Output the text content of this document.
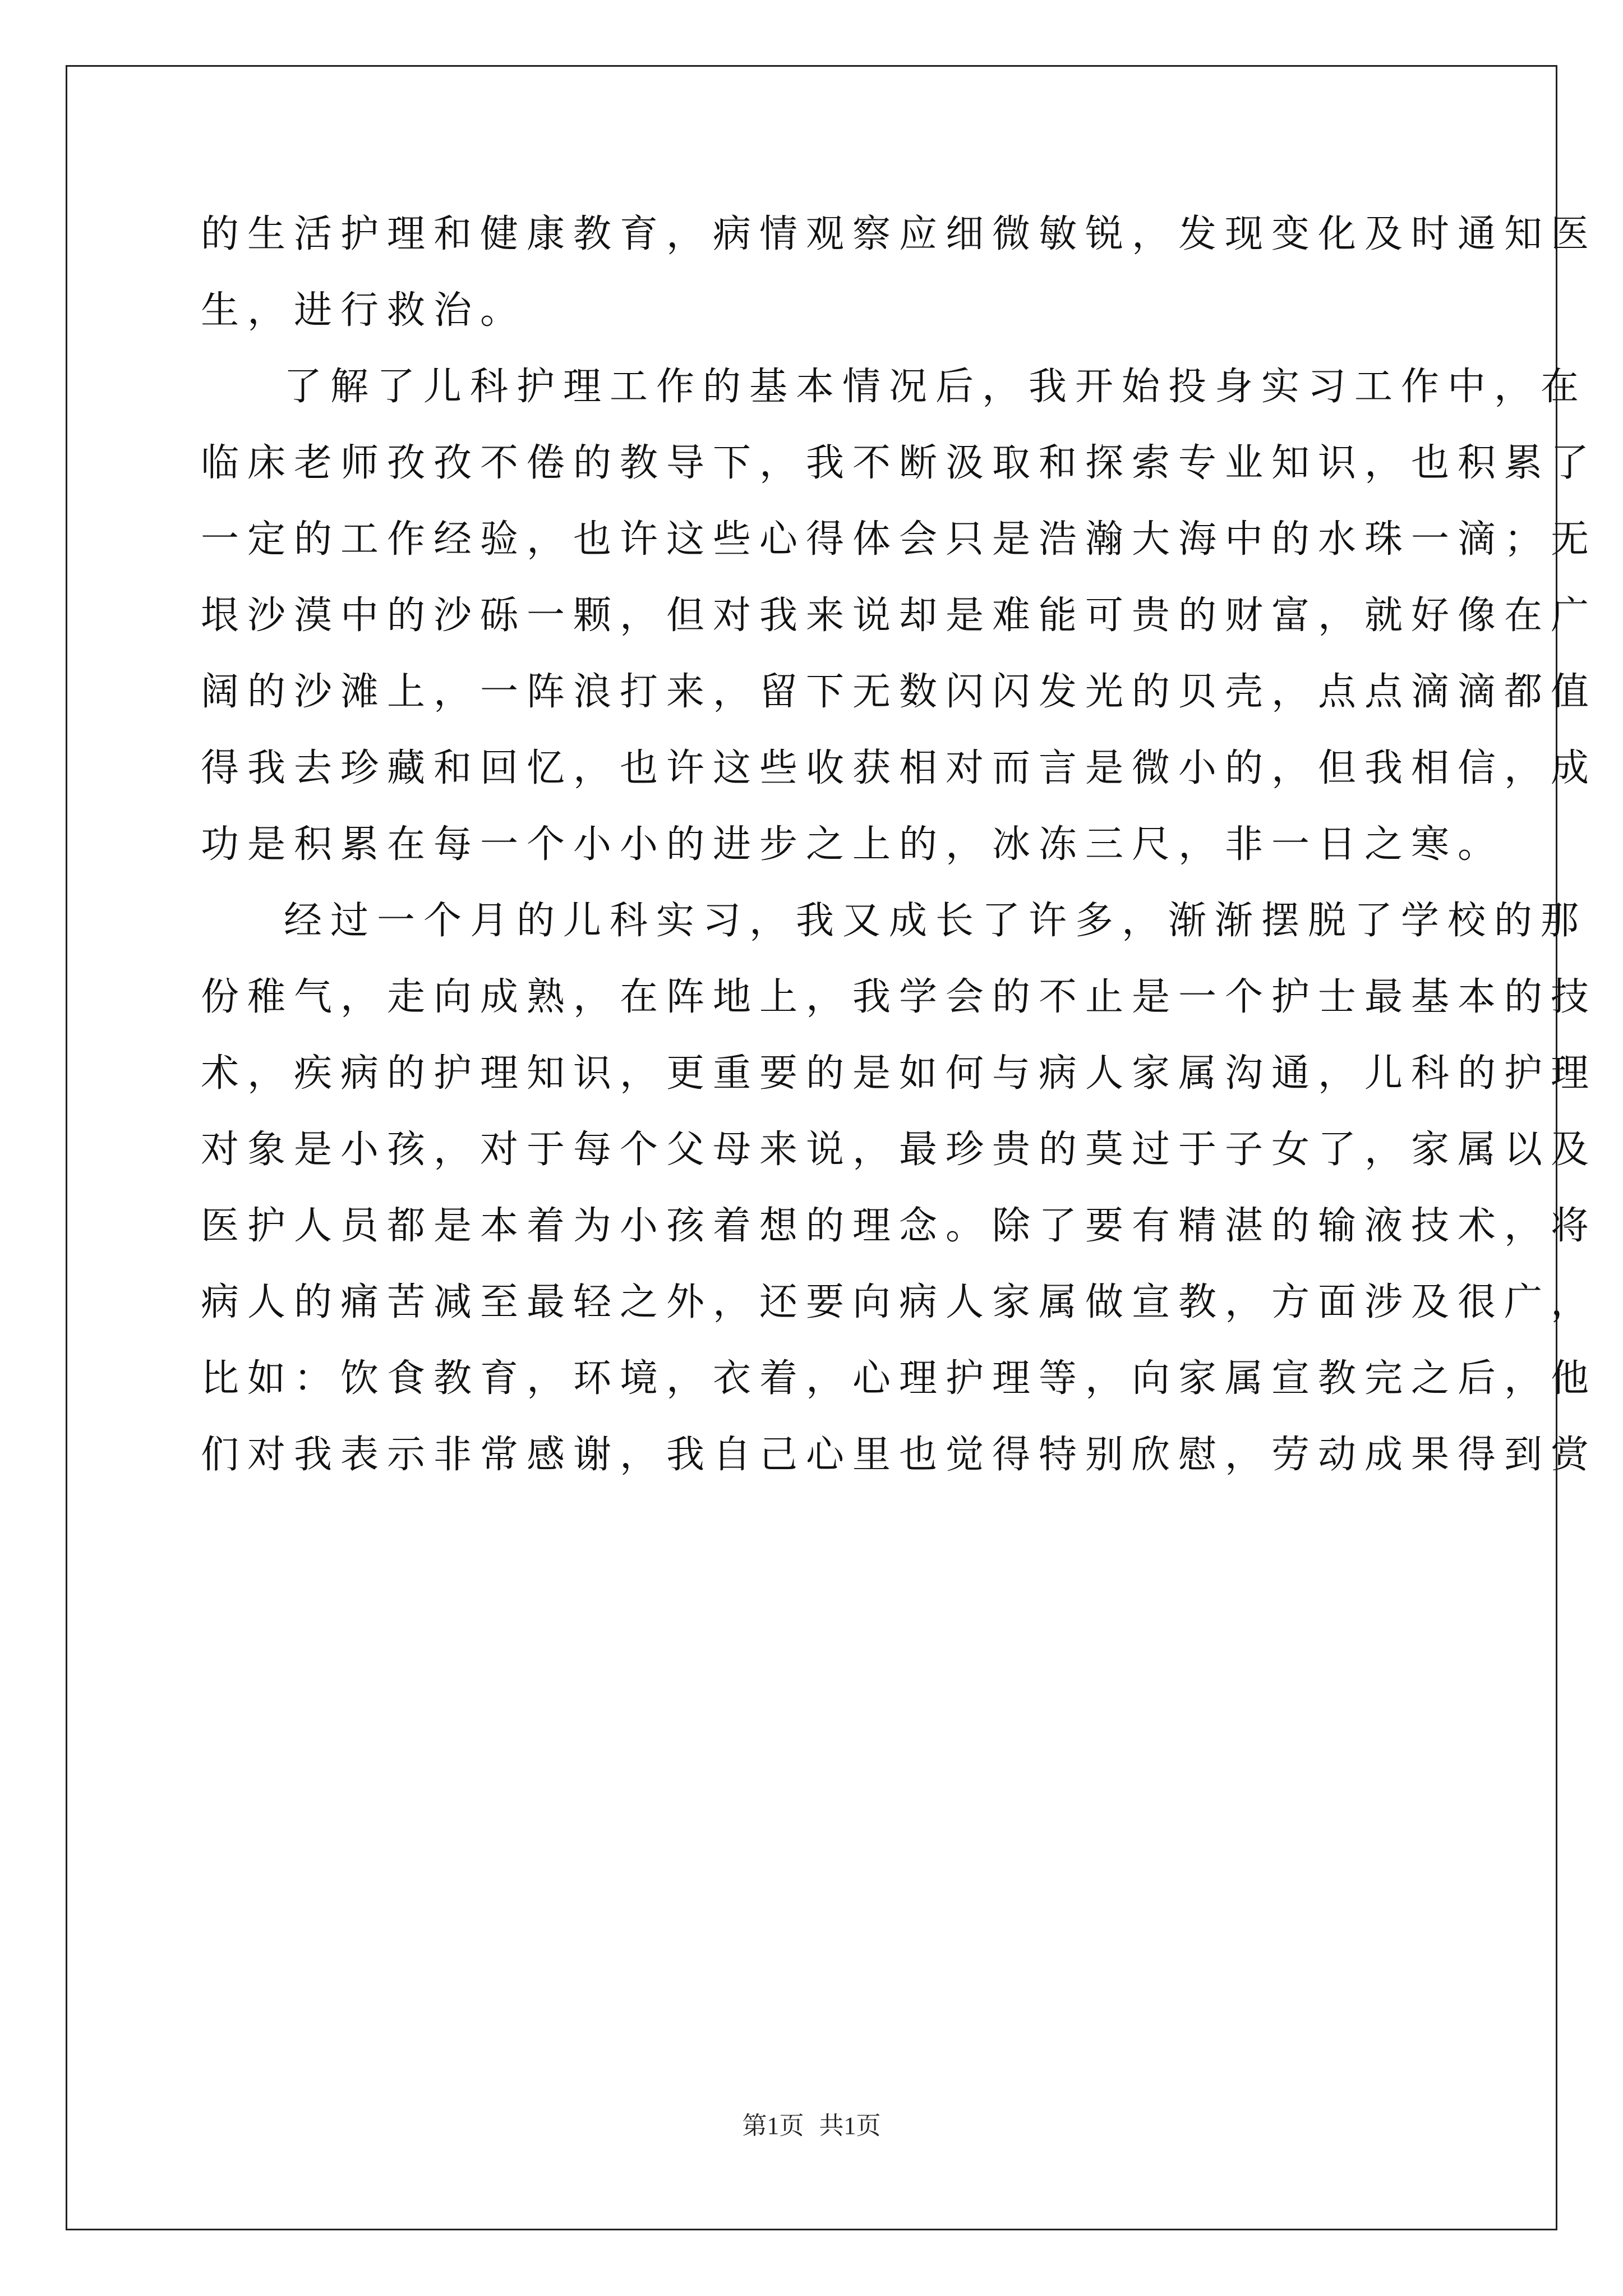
的生活护理和健康教育，病情观察应细微敏锐，发现变化及时通知医
生，进行救治。
了解了儿科护理工作的基本情况后，我开始投身实习工作中，在
临床老师孜孜不倦的教导下，我不断汲取和探索专业知识，也积累了
一定的工作经验，也许这些心得体会只是浩瀚大海中的水珠一滴；无
垠沙漠中的沙砾一颗，但对我来说却是难能可贵的财富，就好像在广
阔的沙滩上，一阵浪打来，留下无数闪闪发光的贝壳，点点滴滴都值
得我去珍藏和回忆，也许这些收获相对而言是微小的，但我相信，成
功是积累在每一个小小的进步之上的，冰冻三尺，非一日之寒。
经过一个月的儿科实习，我又成长了许多，渐渐摆脱了学校的那
份稚气，走向成熟，在阵地上，我学会的不止是一个护士最基本的技
术，疾病的护理知识，更重要的是如何与病人家属沟通，儿科的护理
对象是小孩，对于每个父母来说，最珍贵的莫过于子女了，家属以及
医护人员都是本着为小孩着想的理念。除了要有精湛的输液技术，将
病人的痛苦减至最轻之外，还要向病人家属做宣教，方面涉及很广，
比如：饮食教育，环境，衣着，心理护理等，向家属宣教完之后，他
们对我表示非常感谢，我自己心里也觉得特别欣慰，劳动成果得到赏
第1页 共1页
